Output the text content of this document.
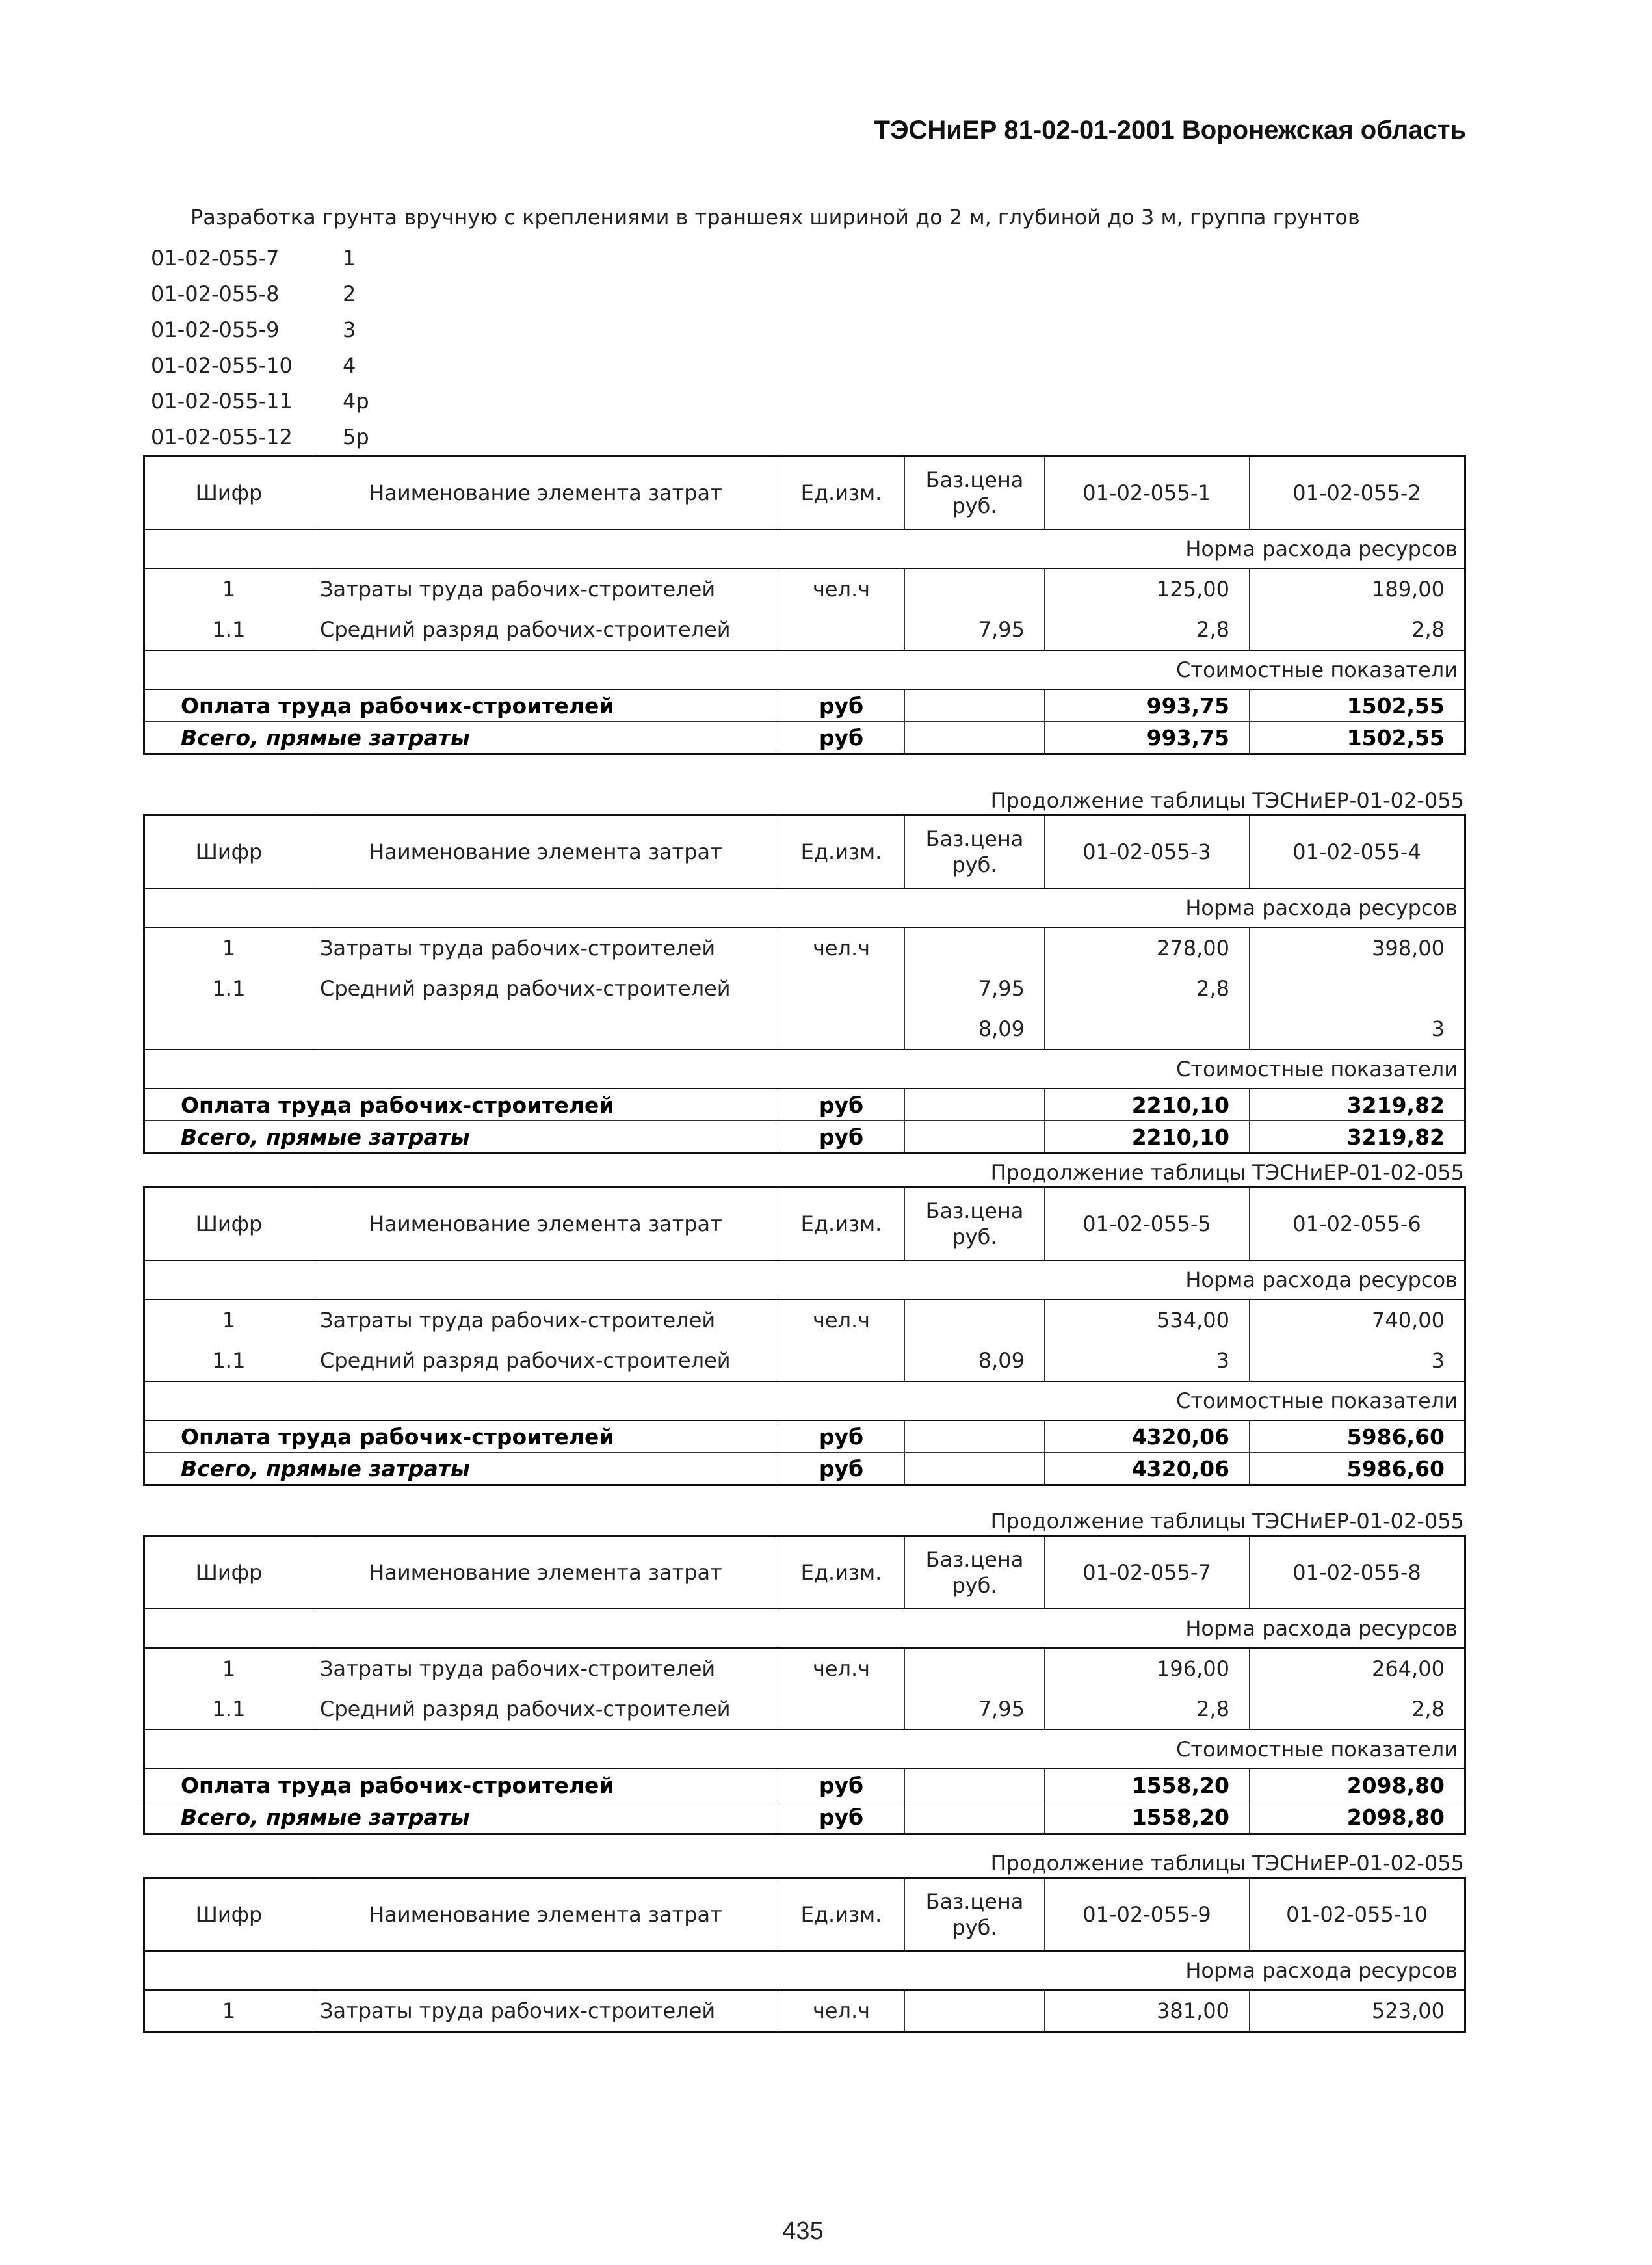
ТЭСНиЕР 81-02-01-2001 Воронежская область
Разработка грунта вручную с креплениями в траншеях шириной до 2 м, глубиной до 3 м, группа грунтов
01-02-055-7	1
01-02-055-8	2
01-02-055-9	3
01-02-055-10	4
01-02-055-11	4р
01-02-055-12	5р
Шифр	Наименование элемента затрат	Ед.изм.	Баз.цена руб.	01-02-055-1	01-02-055-2
Норма расхода ресурсов					
1	Затраты труда рабочих-строителей	чел.ч		125,00	189,00
1.1	Средний разряд рабочих-строителей		7,95	2,8	2,8
Стоимостные показатели					
Оплата труда рабочих-строителей		руб		993,75	1502,55
Всего, прямые затраты		руб		993,75	1502,55
Продолжение таблицы ТЭСНиЕР-01-02-055
Шифр	Наименование элемента затрат	Ед.изм.	Баз.цена руб.	01-02-055-3	01-02-055-4
Норма расхода ресурсов					
1	Затраты труда рабочих-строителей	чел.ч		278,00	398,00
1.1	Средний разряд рабочих-строителей		7,95	2,8	
			8,09		3
Стоимостные показатели					
Оплата труда рабочих-строителей		руб		2210,10	3219,82
Всего, прямые затраты		руб		2210,10	3219,82
Продолжение таблицы ТЭСНиЕР-01-02-055
Шифр	Наименование элемента затрат	Ед.изм.	Баз.цена руб.	01-02-055-5	01-02-055-6
Норма расхода ресурсов					
1	Затраты труда рабочих-строителей	чел.ч		534,00	740,00
1.1	Средний разряд рабочих-строителей		8,09	3	3
Стоимостные показатели					
Оплата труда рабочих-строителей		руб		4320,06	5986,60
Всего, прямые затраты		руб		4320,06	5986,60
Продолжение таблицы ТЭСНиЕР-01-02-055
Шифр	Наименование элемента затрат	Ед.изм.	Баз.цена руб.	01-02-055-7	01-02-055-8
Норма расхода ресурсов					
1	Затраты труда рабочих-строителей	чел.ч		196,00	264,00
1.1	Средний разряд рабочих-строителей		7,95	2,8	2,8
Стоимостные показатели					
Оплата труда рабочих-строителей		руб		1558,20	2098,80
Всего, прямые затраты		руб		1558,20	2098,80
Продолжение таблицы ТЭСНиЕР-01-02-055
Шифр	Наименование элемента затрат	Ед.изм.	Баз.цена руб.	01-02-055-9	01-02-055-10
Норма расхода ресурсов					
1	Затраты труда рабочих-строителей	чел.ч		381,00	523,00
435
